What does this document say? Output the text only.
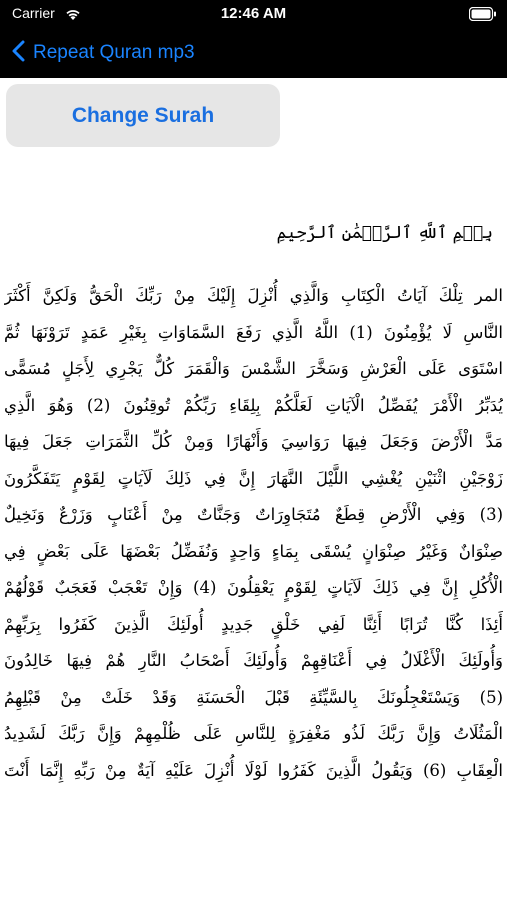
Carrier	12:46 AM
Repeat Quran mp3
Change Surah
بِسۡمِ ٱللَّهِ ٱلرَّحۡمَٰنِ ٱلرَّحِيمِ
المر تِلْكَ آيَاتُ الْكِتَابِ وَالَّذِي أُنْزِلَ إِلَيْكَ مِنْ رَبِّكَ الْحَقُّ وَلَكِنَّ أَكْثَرَ
النَّاسِ لَا يُؤْمِنُونَ (1) اللَّهُ الَّذِي رَفَعَ السَّمَاوَاتِ بِغَيْرِ عَمَدٍ تَرَوْنَهَا ثُمَّ
اسْتَوَى عَلَى الْعَرْشِ وَسَخَّرَ الشَّمْسَ وَالْقَمَرَ كُلٌّ يَجْرِي لِأَجَلٍ مُسَمًّى
يُدَبِّرُ الْأَمْرَ يُفَصِّلُ الْآيَاتِ لَعَلَّكُمْ بِلِقَاءِ رَبِّكُمْ تُوقِنُونَ (2) وَهُوَ الَّذِي
مَدَّ الْأَرْضَ وَجَعَلَ فِيهَا رَوَاسِيَ وَأَنْهَارًا وَمِنْ كُلِّ الثَّمَرَاتِ جَعَلَ فِيهَا
زَوْجَيْنِ اثْنَيْنِ يُغْشِي اللَّيْلَ النَّهَارَ إِنَّ فِي ذَلِكَ لَآيَاتٍ لِقَوْمٍ يَتَفَكَّرُونَ
(3) وَفِي الْأَرْضِ قِطَعٌ مُتَجَاوِرَاتٌ وَجَنَّاتٌ مِنْ أَعْنَابٍ وَزَرْعٌ وَنَخِيلٌ
صِنْوَانٌ وَغَيْرُ صِنْوَانٍ يُسْقَى بِمَاءٍ وَاحِدٍ وَنُفَضِّلُ بَعْضَهَا عَلَى بَعْضٍ فِي
الْأُكُلِ إِنَّ فِي ذَلِكَ لَآيَاتٍ لِقَوْمٍ يَعْقِلُونَ (4) وَإِنْ تَعْجَبْ فَعَجَبٌ قَوْلُهُمْ
أَئِذَا كُنَّا تُرَابًا أَئِنَّا لَفِي خَلْقٍ جَدِيدٍ أُولَئِكَ الَّذِينَ كَفَرُوا بِرَبِّهِمْ
وَأُولَئِكَ الْأَغْلَالُ فِي أَعْنَاقِهِمْ وَأُولَئِكَ أَصْحَابُ النَّارِ هُمْ فِيهَا خَالِدُونَ
(5) وَيَسْتَعْجِلُونَكَ بِالسَّيِّئَةِ قَبْلَ الْحَسَنَةِ وَقَدْ خَلَتْ مِنْ قَبْلِهِمُ
الْمَثُلَاتُ وَإِنَّ رَبَّكَ لَذُو مَغْفِرَةٍ لِلنَّاسِ عَلَى ظُلْمِهِمْ وَإِنَّ رَبَّكَ لَشَدِيدُ
الْعِقَابِ (6) وَيَقُولُ الَّذِينَ كَفَرُوا لَوْلَا أُنْزِلَ عَلَيْهِ آيَةٌ مِنْ رَبِّهِ إِنَّمَا أَنْتَ
